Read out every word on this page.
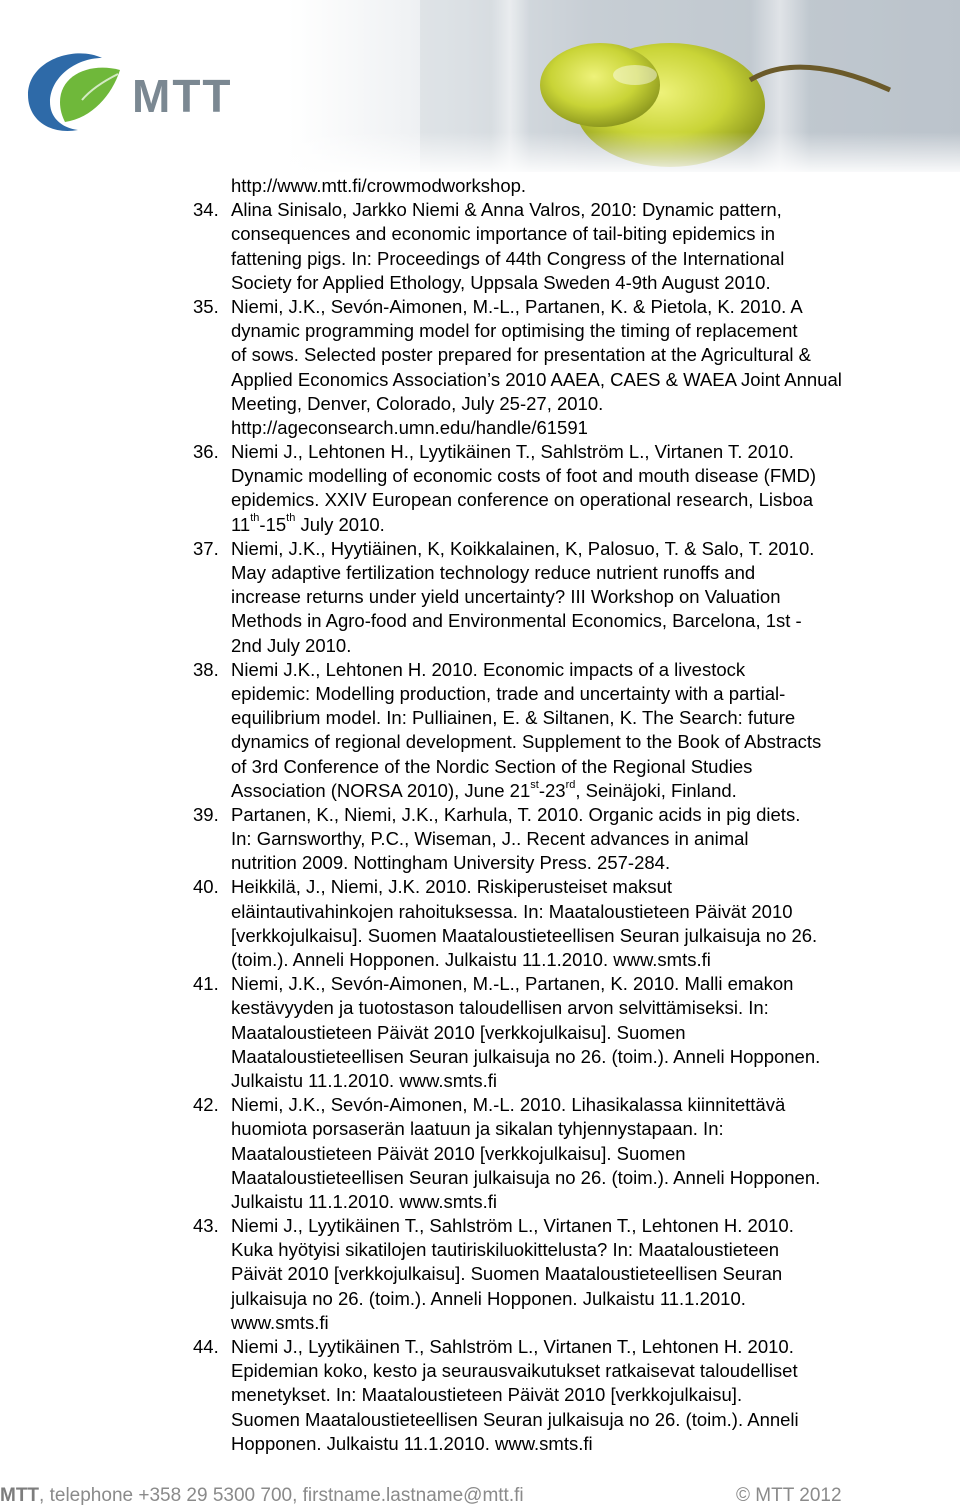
MTT
http://www.mtt.fi/crowmodworkshop.
34. Alina Sinisalo, Jarkko Niemi & Anna Valros, 2010: Dynamic pattern,
consequences and economic importance of tail-biting epidemics in
fattening pigs. In: Proceedings of 44th Congress of the International
Society for Applied Ethology, Uppsala Sweden 4-9th August 2010.
35. Niemi, J.K., Sevón-Aimonen, M.-L., Partanen, K. & Pietola, K. 2010. A
dynamic programming model for optimising the timing of replacement
of sows. Selected poster prepared for presentation at the Agricultural &
Applied Economics Association’s 2010 AAEA, CAES & WAEA Joint Annual
Meeting, Denver, Colorado, July 25-27, 2010.
http://ageconsearch.umn.edu/handle/61591
36. Niemi J., Lehtonen H., Lyytikäinen T., Sahlström L., Virtanen T. 2010.
Dynamic modelling of economic costs of foot and mouth disease (FMD)
epidemics. XXIV European conference on operational research, Lisboa
11th-15th July 2010.
37. Niemi, J.K., Hyytiäinen, K, Koikkalainen, K, Palosuo, T. & Salo, T. 2010.
May adaptive fertilization technology reduce nutrient runoffs and
increase returns under yield uncertainty? III Workshop on Valuation
Methods in Agro-food and Environmental Economics, Barcelona, 1st -
2nd July 2010.
38. Niemi J.K., Lehtonen H. 2010. Economic impacts of a livestock
epidemic: Modelling production, trade and uncertainty with a partial-
equilibrium model. In: Pulliainen, E. & Siltanen, K. The Search: future
dynamics of regional development. Supplement to the Book of Abstracts
of 3rd Conference of the Nordic Section of the Regional Studies
Association (NORSA 2010), June 21st-23rd, Seinäjoki, Finland.
39. Partanen, K., Niemi, J.K., Karhula, T. 2010. Organic acids in pig diets.
In: Garnsworthy, P.C., Wiseman, J.. Recent advances in animal
nutrition 2009. Nottingham University Press. 257-284.
40. Heikkilä, J., Niemi, J.K. 2010. Riskiperusteiset maksut
eläintautivahinkojen rahoituksessa. In: Maataloustieteen Päivät 2010
[verkkojulkaisu]. Suomen Maataloustieteellisen Seuran julkaisuja no 26.
(toim.). Anneli Hopponen. Julkaistu 11.1.2010. www.smts.fi
41. Niemi, J.K., Sevón-Aimonen, M.-L., Partanen, K. 2010. Malli emakon
kestävyyden ja tuotostason taloudellisen arvon selvittämiseksi. In:
Maataloustieteen Päivät 2010 [verkkojulkaisu]. Suomen
Maataloustieteellisen Seuran julkaisuja no 26. (toim.). Anneli Hopponen.
Julkaistu 11.1.2010. www.smts.fi
42. Niemi, J.K., Sevón-Aimonen, M.-L. 2010. Lihasikalassa kiinnitettävä
huomiota porsaserän laatuun ja sikalan tyhjennystapaan. In:
Maataloustieteen Päivät 2010 [verkkojulkaisu]. Suomen
Maataloustieteellisen Seuran julkaisuja no 26. (toim.). Anneli Hopponen.
Julkaistu 11.1.2010. www.smts.fi
43. Niemi J., Lyytikäinen T., Sahlström L., Virtanen T., Lehtonen H. 2010.
Kuka hyötyisi sikatilojen tautiriskiluokittelusta? In: Maataloustieteen
Päivät 2010 [verkkojulkaisu]. Suomen Maataloustieteellisen Seuran
julkaisuja no 26. (toim.). Anneli Hopponen. Julkaistu 11.1.2010.
www.smts.fi
44. Niemi J., Lyytikäinen T., Sahlström L., Virtanen T., Lehtonen H. 2010.
Epidemian koko, kesto ja seurausvaikutukset ratkaisevat taloudelliset
menetykset. In: Maataloustieteen Päivät 2010 [verkkojulkaisu].
Suomen Maataloustieteellisen Seuran julkaisuja no 26. (toim.). Anneli
Hopponen. Julkaistu 11.1.2010. www.smts.fi
MTT, telephone +358 29 5300 700, firstname.lastname@mtt.fi	© MTT 2012
